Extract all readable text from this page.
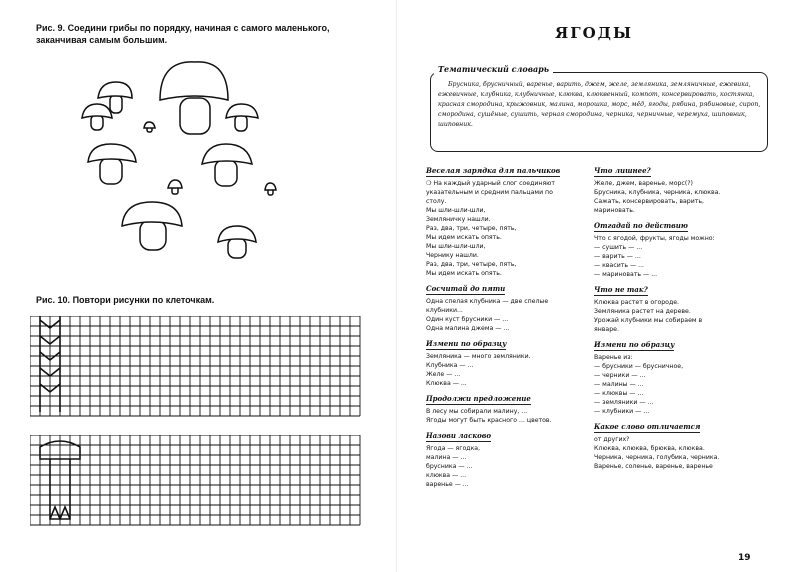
Рис. 9. Соедини грибы по порядку, начиная с самого маленького, заканчивая самым большим.
Рис. 10. Повтори рисунки по клеточкам.
ЯГОДЫ
Тематический словарь
Брусника, брусничный, варенье, варить, джем, желе, земляника, земляничные, ежевика, ежевичные, клубника, клубничные, клюква, клюквенный, компот, консервировать, костянка, красная смородина, крыжовник, малина, морошка, морс, мёд, ягоды, рябина, рябиновые, сироп, смородина, сушёные, сушить, черная смородина, черника, черничные, черемуха, шиповник, шиповник.
Веселая зарядка для пальчиков
❍ На каждый ударный слог соединяют
указательным и средним пальцами по
столу.
Мы шли-шли-шли,
Земляничку нашли.
Раз, два, три, четыре, пять,
Мы идем искать опять.
Мы шли-шли-шли,
Чернику нашли.
Раз, два, три, четыре, пять,
Мы идем искать опять.
Сосчитай до пяти
Одна спелая клубника — две спелые
клубники...
Один куст брусники — ...
Одна малина джема — ...
Измени по образцу
Земляника — много земляники.
Клубника — ...
Желе — ...
Клюква — ...
Продолжи предложение
В лесу мы собирали малину, ...
Ягоды могут быть красного ... цветов.
Назови ласково
Ягода — ягодка,
малина — ...
брусника — ...
клюква — ...
варенье — ...
Что лишнее?
Желе, джем, варенье, морс(?)
Брусника, клубника, черника, клюква.
Сажать, консервировать, варить,
мариновать.
Отгадай по действию
Что с ягодой, фрукты, ягоды можно:
— сушить — ...
— варить — ...
— квасить — ...
— мариновать — ...
Что не так?
Клюква растет в огороде.
Земляника растет на дереве.
Урожай клубники мы собираем в
январе.
Измени по образцу
Варенье из:
— брусники — брусничное,
— черники — ...
— малины — ...
— клюквы — ...
— земляники — ...
— клубники — ...
Какое слово отличается
от других?
Клюква, клюква, брюква, клюква.
Черника, черника, голубика, черника.
Варенье, соленье, варенье, варенье
19
